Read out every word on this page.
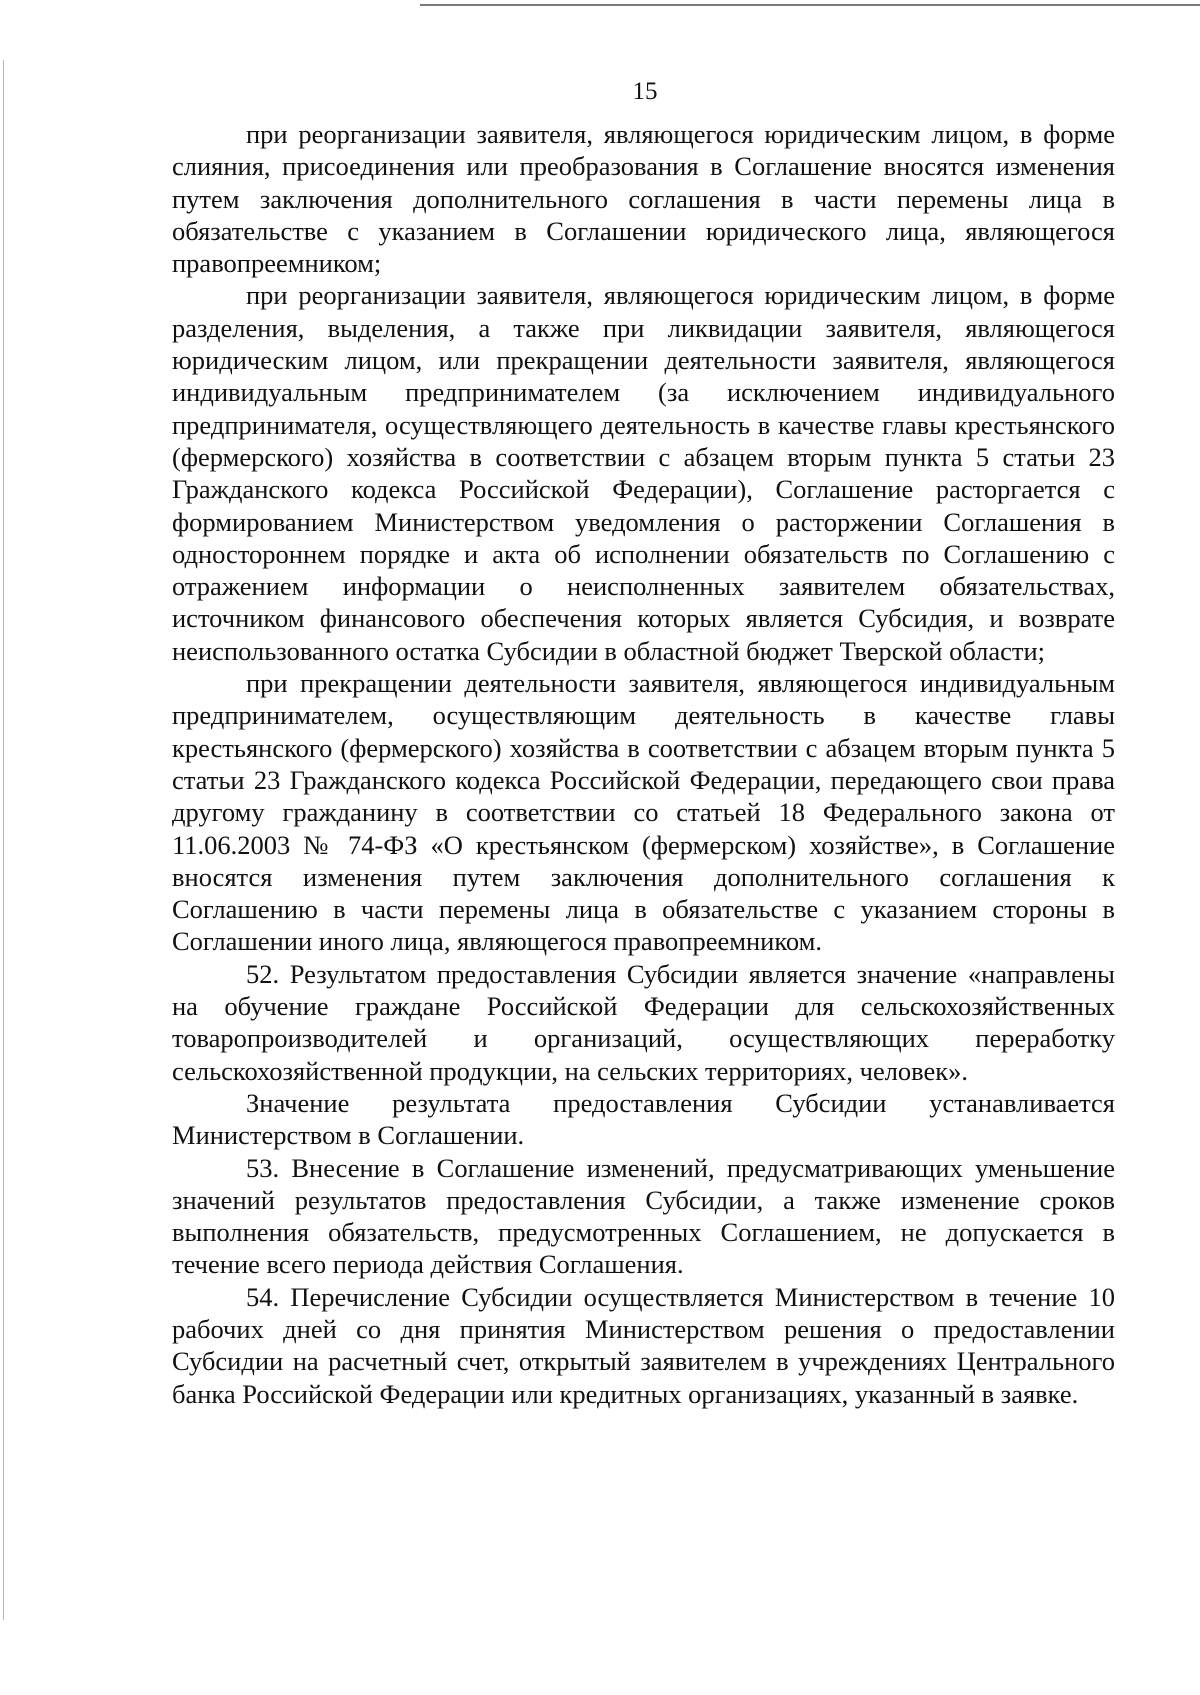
15

при реорганизации заявителя, являющегося юридическим лицом, в форме слияния, присоединения или преобразования в Соглашение вносятся изменения путем заключения дополнительного соглашения в части перемены лица в обязательстве с указанием в Соглашении юридического лица, являющегося правопреемником;

при реорганизации заявителя, являющегося юридическим лицом, в форме разделения, выделения, а также при ликвидации заявителя, являющегося юридическим лицом, или прекращении деятельности заявителя, являющегося индивидуальным предпринимателем (за исключением индивидуального предпринимателя, осуществляющего деятельность в качестве главы крестьянского (фермерского) хозяйства в соответствии с абзацем вторым пункта 5 статьи 23 Гражданского кодекса Российской Федерации), Соглашение расторгается с формированием Министерством уведомления о расторжении Соглашения в одностороннем порядке и акта об исполнении обязательств по Соглашению с отражением информации о неисполненных заявителем обязательствах, источником финансового обеспечения которых является Субсидия, и возврате неиспользованного остатка Субсидии в областной бюджет Тверской области;

при прекращении деятельности заявителя, являющегося индивидуальным предпринимателем, осуществляющим деятельность в качестве главы крестьянского (фермерского) хозяйства в соответствии с абзацем вторым пункта 5 статьи 23 Гражданского кодекса Российской Федерации, передающего свои права другому гражданину в соответствии со статьей 18 Федерального закона от 11.06.2003 № 74-ФЗ «О крестьянском (фермерском) хозяйстве», в Соглашение вносятся изменения путем заключения дополнительного соглашения к Соглашению в части перемены лица в обязательстве с указанием стороны в Соглашении иного лица, являющегося правопреемником.

52. Результатом предоставления Субсидии является значение «направлены на обучение граждане Российской Федерации для сельскохозяйственных товаропроизводителей и организаций, осуществляющих переработку сельскохозяйственной продукции, на сельских территориях, человек».

Значение результата предоставления Субсидии устанавливается Министерством в Соглашении.

53. Внесение в Соглашение изменений, предусматривающих уменьшение значений результатов предоставления Субсидии, а также изменение сроков выполнения обязательств, предусмотренных Соглашением, не допускается в течение всего периода действия Соглашения.

54. Перечисление Субсидии осуществляется Министерством в течение 10 рабочих дней со дня принятия Министерством решения о предоставлении Субсидии на расчетный счет, открытый заявителем в учреждениях Центрального банка Российской Федерации или кредитных организациях, указанный в заявке.
